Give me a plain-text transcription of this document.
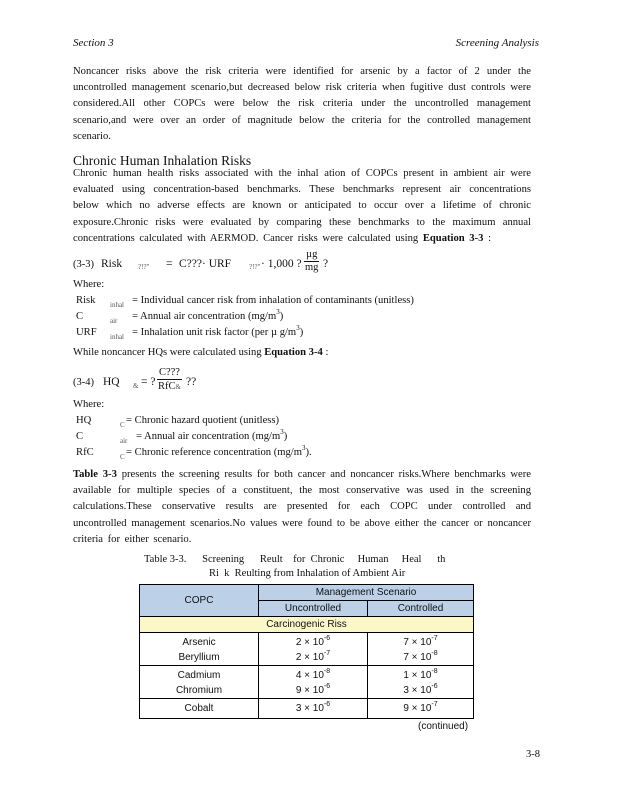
Section 3	Screening Analysis
Noncancer risks above the risk criteria were identified for arsenic by a factor of 2 under the uncontrolled management scenario,but decreased below risk criteria when fugitive dust controls were considered.All other COPCs were below the risk criteria under the uncontrolled management scenario,and were over an order of magnitude below the criteria for the controlled management scenario.
Chronic Human Inhalation Risks
Chronic human health risks associated with the inhal ation of COPCs present in ambient air were evaluated using concentration-based benchmarks. These benchmarks represent air concentrations below which no adverse effects are known or anticipated to occur over a lifetime of chronic exposure.Chronic risks were evaluated by comparing these benchmarks to the maximum annual concentrations calculated with AERMOD. Cancer risks were calculated using Equation 3-3 :
(3-3) Risk ?!?" = C???· URF	?!?" · 1,000 ?
µg
mg ?
Where:
Risk inhal = Individual cancer risk from inhalation of contaminants (unitless)
C	air = Annual air concentration $(mg/m^3)$
URF inhal = Inhalation unit risk factor (per µ $g/m^3$)
While noncancer HQs were calculated using Equation 3-4 :
(3-4) HQ & = ?
C???
RfC& ??
Where:
HQ	C = Chronic hazard quotient (unitless)
C	air = Annual air concentration $(mg/m^3)$
RfC	C = Chronic reference concentration $(mg/m^3)$.
Table 3-3 presents the screening results for both cancer and noncancer risks.Where benchmarks were available for multiple species of a constituent, the most conservative was used in the screening calculations.These conservative results are presented for each COPC under controlled and uncontrolled management scenarios.No values were found to be above either the cancer or noncancer criteria for either scenario.
Table 3-3.      Screening      Reult    for  Chronic     Human     Heal      th
Ri  k  Reulting from Inhalation of Ambient Air
COPC	Management Scenario	
	Uncontrolled	Controlled
Carcinogenic Riss		
Arsenic	$2 \times 10^{-6}$	$7 \times 10^{-7}$
Beryllium	$2 \times 10^{-7}$	$7 \times 10^{-8}$
Cadmium	$4 \times 10^{-8}$	$1 \times 10^{-8}$
Chromium	$9 \times 10^{-6}$	$3 \times 10^{-6}$
Cobalt	$3 \times 10^{-6}$	$9 \times 10^{-7}$
(continued)
3-8
